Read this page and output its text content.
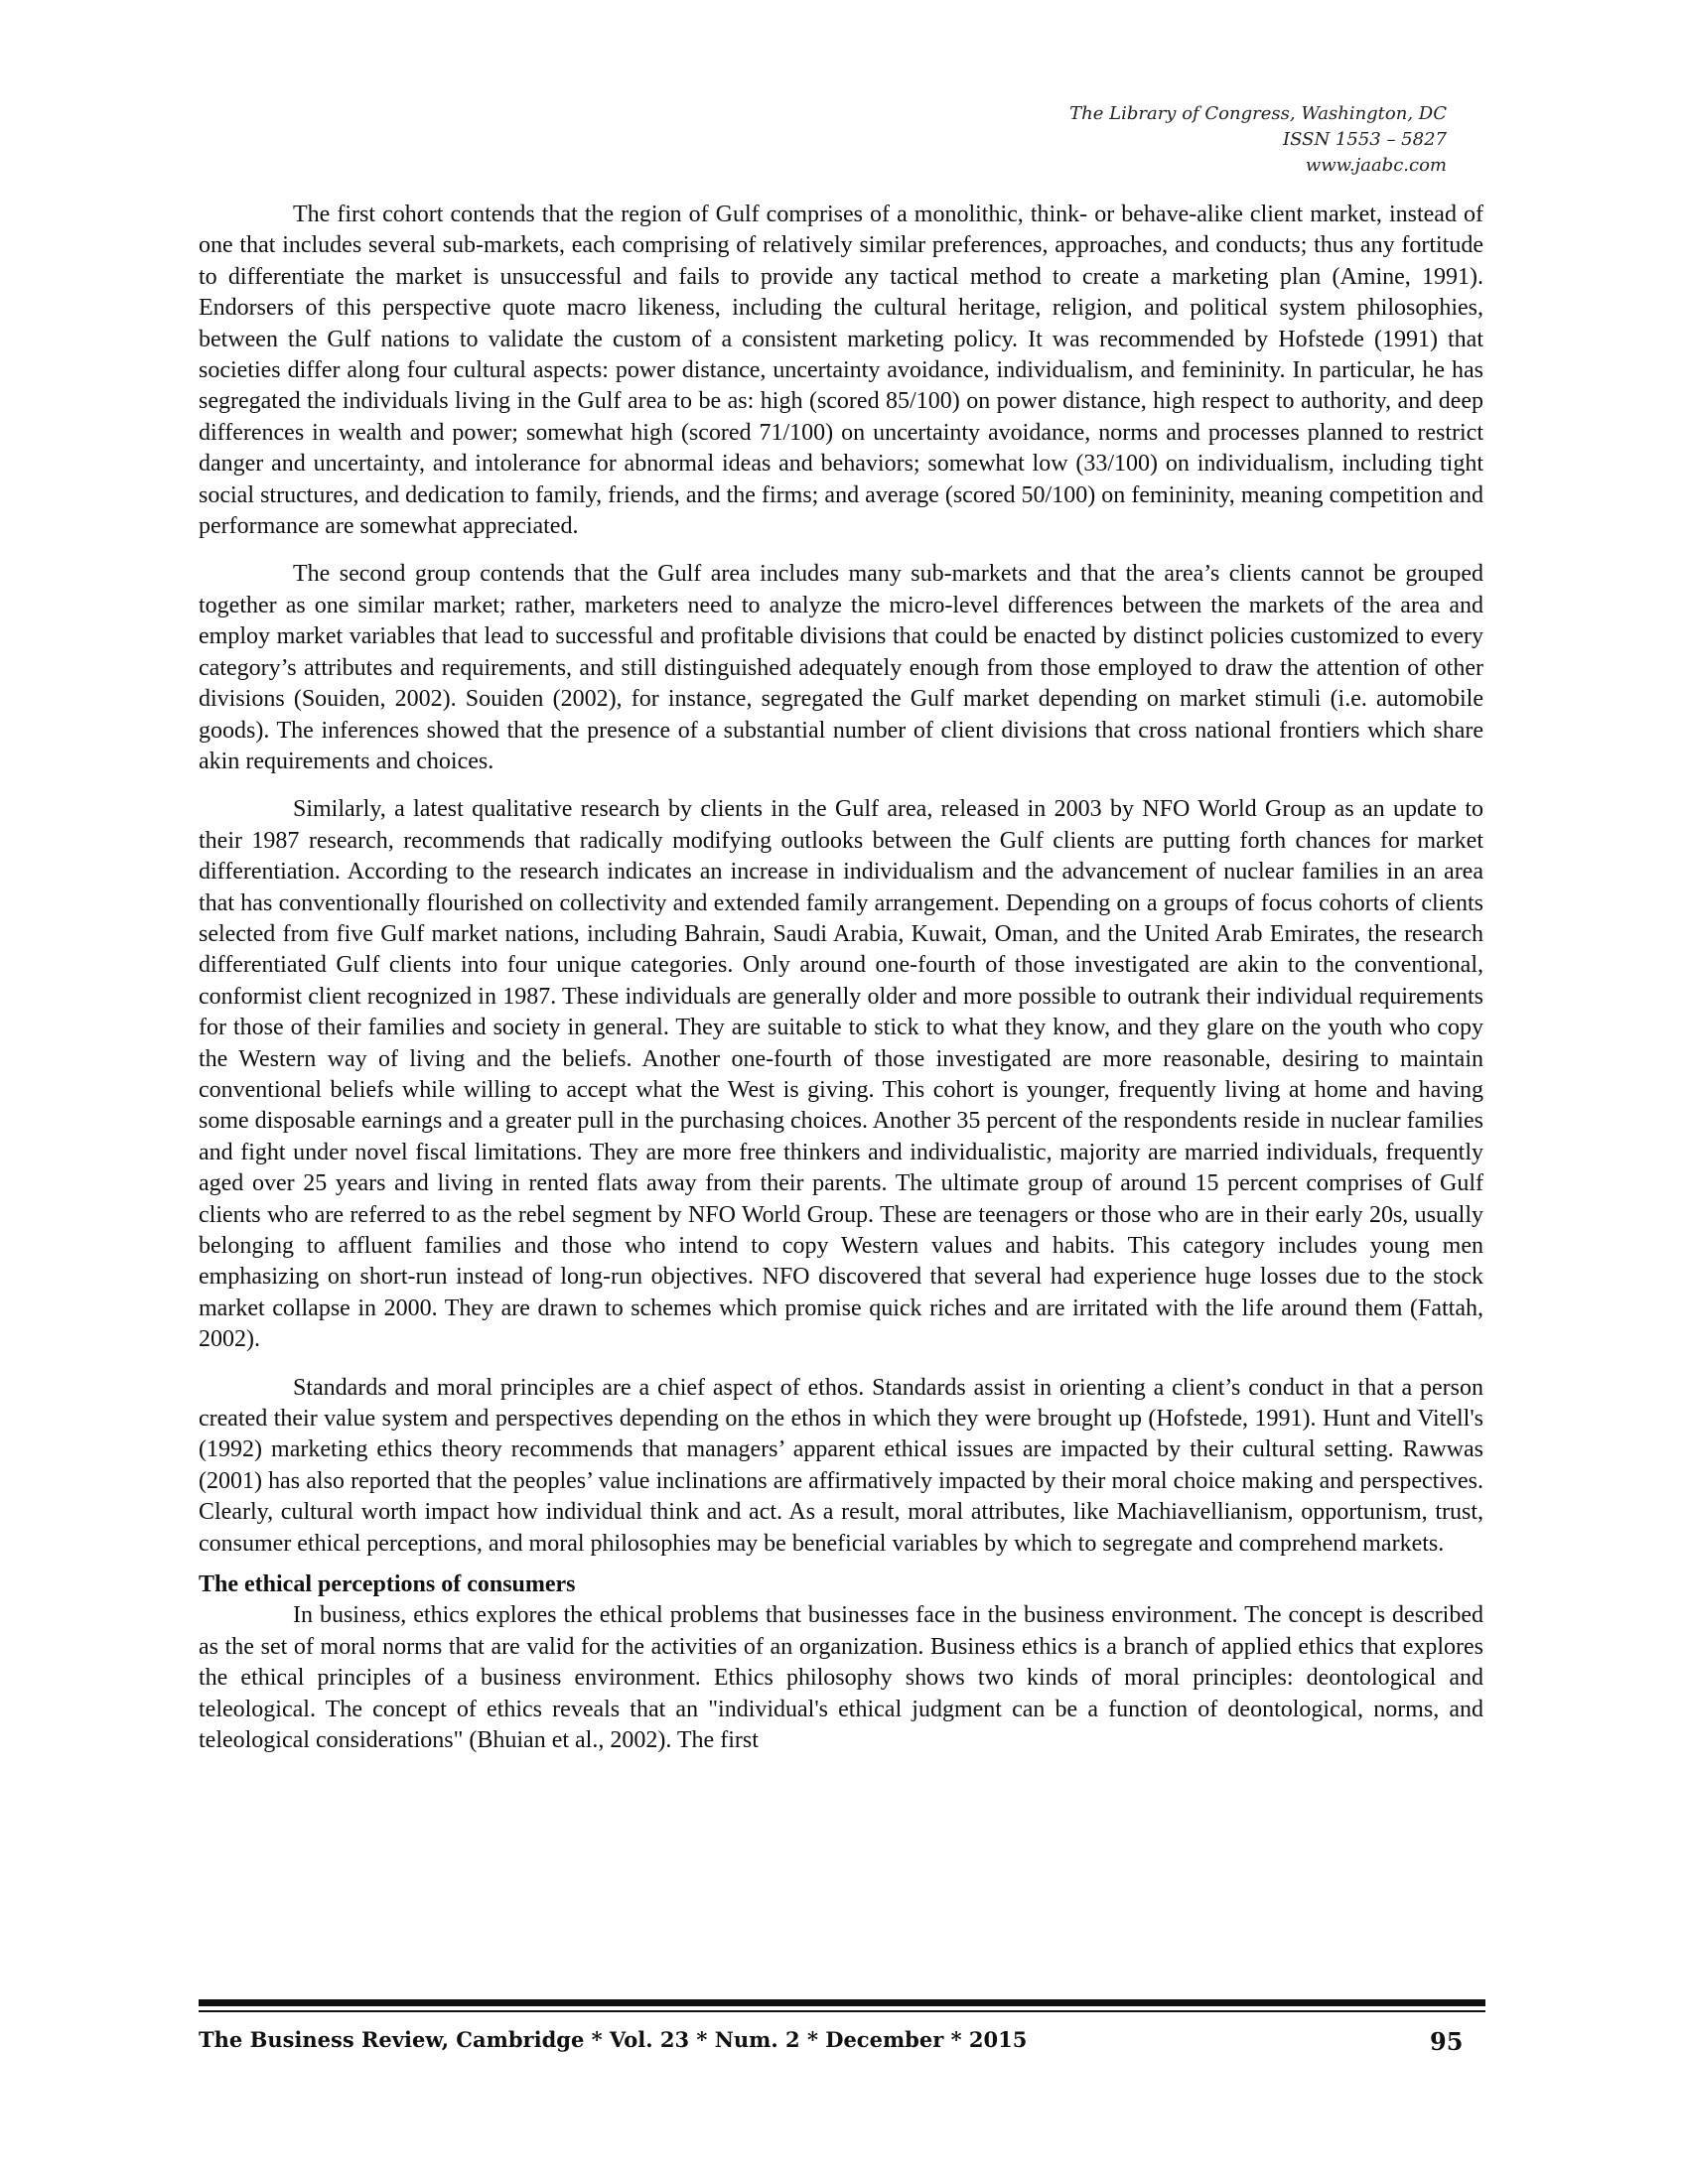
The Library of Congress, Washington, DC
ISSN 1553 – 5827
www.jaabc.com

The first cohort contends that the region of Gulf comprises of a monolithic, think- or behave-alike client market, instead of one that includes several sub-markets, each comprising of relatively similar preferences, approaches, and conducts; thus any fortitude to differentiate the market is unsuccessful and fails to provide any tactical method to create a marketing plan (Amine, 1991). Endorsers of this perspective quote macro likeness, including the cultural heritage, religion, and political system philosophies, between the Gulf nations to validate the custom of a consistent marketing policy. It was recommended by Hofstede (1991) that societies differ along four cultural aspects: power distance, uncertainty avoidance, individualism, and femininity. In particular, he has segregated the individuals living in the Gulf area to be as: high (scored 85/100) on power distance, high respect to authority, and deep differences in wealth and power; somewhat high (scored 71/100) on uncertainty avoidance, norms and processes planned to restrict danger and uncertainty, and intolerance for abnormal ideas and behaviors; somewhat low (33/100) on individualism, including tight social structures, and dedication to family, friends, and the firms; and average (scored 50/100) on femininity, meaning competition and performance are somewhat appreciated.

The second group contends that the Gulf area includes many sub-markets and that the area’s clients cannot be grouped together as one similar market; rather, marketers need to analyze the micro-level differences between the markets of the area and employ market variables that lead to successful and profitable divisions that could be enacted by distinct policies customized to every category’s attributes and requirements, and still distinguished adequately enough from those employed to draw the attention of other divisions (Souiden, 2002). Souiden (2002), for instance, segregated the Gulf market depending on market stimuli (i.e. automobile goods). The inferences showed that the presence of a substantial number of client divisions that cross national frontiers which share akin requirements and choices.

Similarly, a latest qualitative research by clients in the Gulf area, released in 2003 by NFO World Group as an update to their 1987 research, recommends that radically modifying outlooks between the Gulf clients are putting forth chances for market differentiation. According to the research indicates an increase in individualism and the advancement of nuclear families in an area that has conventionally flourished on collectivity and extended family arrangement. Depending on a groups of focus cohorts of clients selected from five Gulf market nations, including Bahrain, Saudi Arabia, Kuwait, Oman, and the United Arab Emirates, the research differentiated Gulf clients into four unique categories. Only around one-fourth of those investigated are akin to the conventional, conformist client recognized in 1987. These individuals are generally older and more possible to outrank their individual requirements for those of their families and society in general. They are suitable to stick to what they know, and they glare on the youth who copy the Western way of living and the beliefs. Another one-fourth of those investigated are more reasonable, desiring to maintain conventional beliefs while willing to accept what the West is giving. This cohort is younger, frequently living at home and having some disposable earnings and a greater pull in the purchasing choices. Another 35 percent of the respondents reside in nuclear families and fight under novel fiscal limitations. They are more free thinkers and individualistic, majority are married individuals, frequently aged over 25 years and living in rented flats away from their parents. The ultimate group of around 15 percent comprises of Gulf clients who are referred to as the rebel segment by NFO World Group. These are teenagers or those who are in their early 20s, usually belonging to affluent families and those who intend to copy Western values and habits. This category includes young men emphasizing on short-run instead of long-run objectives. NFO discovered that several had experience huge losses due to the stock market collapse in 2000. They are drawn to schemes which promise quick riches and are irritated with the life around them (Fattah, 2002).

Standards and moral principles are a chief aspect of ethos. Standards assist in orienting a client’s conduct in that a person created their value system and perspectives depending on the ethos in which they were brought up (Hofstede, 1991). Hunt and Vitell's (1992) marketing ethics theory recommends that managers’ apparent ethical issues are impacted by their cultural setting. Rawwas (2001) has also reported that the peoples’ value inclinations are affirmatively impacted by their moral choice making and perspectives. Clearly, cultural worth impact how individual think and act. As a result, moral attributes, like Machiavellianism, opportunism, trust, consumer ethical perceptions, and moral philosophies may be beneficial variables by which to segregate and comprehend markets.

The ethical perceptions of consumers

In business, ethics explores the ethical problems that businesses face in the business environment. The concept is described as the set of moral norms that are valid for the activities of an organization. Business ethics is a branch of applied ethics that explores the ethical principles of a business environment. Ethics philosophy shows two kinds of moral principles: deontological and teleological. The concept of ethics reveals that an "individual's ethical judgment can be a function of deontological, norms, and teleological considerations" (Bhuian et al., 2002). The first

The Business Review, Cambridge * Vol. 23 * Num. 2 * December * 2015	95
